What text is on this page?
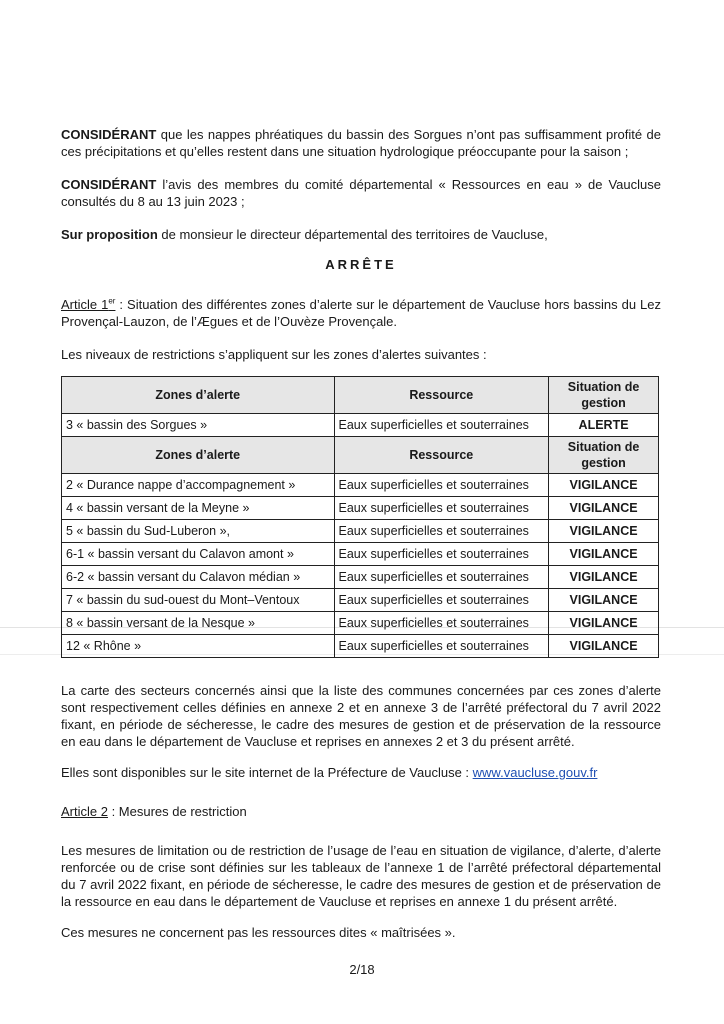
CONSIDÉRANT que les nappes phréatiques du bassin des Sorgues n’ont pas suffisamment profité de ces précipitations et qu’elles restent dans une situation hydrologique préoccupante pour la saison ;

CONSIDÉRANT l’avis des membres du comité départemental « Ressources en eau » de Vaucluse consultés du 8 au 13 juin 2023 ;

Sur proposition de monsieur le directeur départemental des territoires de Vaucluse,

ARRÊTE

Article 1er : Situation des différentes zones d’alerte sur le département de Vaucluse hors bassins du Lez Provençal-Lauzon, de l’Ægues et de l’Ouvèze Provençale.

Les niveaux de restrictions s’appliquent sur les zones d’alertes suivantes :

Zones d’alerte	Ressource	Situation de gestion
3 « bassin des Sorgues »	Eaux superficielles et souterraines	ALERTE
Zones d’alerte	Ressource	Situation de gestion
2 « Durance nappe d’accompagnement »	Eaux superficielles et souterraines	VIGILANCE
4 « bassin versant de la Meyne »	Eaux superficielles et souterraines	VIGILANCE
5 « bassin du Sud-Luberon »,	Eaux superficielles et souterraines	VIGILANCE
6-1 « bassin versant du Calavon amont »	Eaux superficielles et souterraines	VIGILANCE
6-2 « bassin versant du Calavon médian »	Eaux superficielles et souterraines	VIGILANCE
7 « bassin du sud-ouest du Mont–Ventoux	Eaux superficielles et souterraines	VIGILANCE
8 « bassin versant de la Nesque »	Eaux superficielles et souterraines	VIGILANCE
12 « Rhône »	Eaux superficielles et souterraines	VIGILANCE

La carte des secteurs concernés ainsi que la liste des communes concernées par ces zones d’alerte sont respectivement celles définies en annexe 2 et en annexe 3 de l’arrêté préfectoral du 7 avril 2022 fixant, en période de sécheresse, le cadre des mesures de gestion et de préservation de la ressource en eau dans le département de Vaucluse et reprises en annexes 2 et 3 du présent arrêté.

Elles sont disponibles sur le site internet de la Préfecture de Vaucluse : www.vaucluse.gouv.fr

Article 2 : Mesures de restriction

Les mesures de limitation ou de restriction de l’usage de l’eau en situation de vigilance, d’alerte, d’alerte renforcée ou de crise sont définies sur les tableaux de l’annexe 1 de l’arrêté préfectoral départemental du 7 avril 2022 fixant, en période de sécheresse, le cadre des mesures de gestion et de préservation de la ressource en eau dans le département de Vaucluse et reprises en annexe 1 du présent arrêté.

Ces mesures ne concernent pas les ressources dites « maîtrisées ».

2/18
